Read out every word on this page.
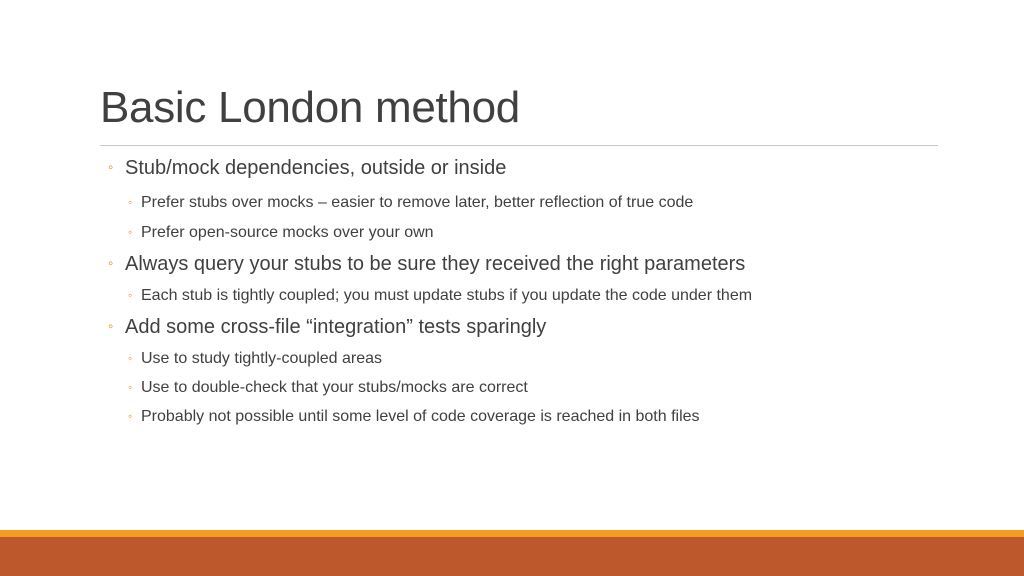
Basic London method
◦ Stub/mock dependencies, outside or inside
◦ Prefer stubs over mocks – easier to remove later, better reflection of true code
◦ Prefer open-source mocks over your own
◦ Always query your stubs to be sure they received the right parameters
◦ Each stub is tightly coupled; you must update stubs if you update the code under them
◦ Add some cross-file “integration” tests sparingly
◦ Use to study tightly-coupled areas
◦ Use to double-check that your stubs/mocks are correct
◦ Probably not possible until some level of code coverage is reached in both files
